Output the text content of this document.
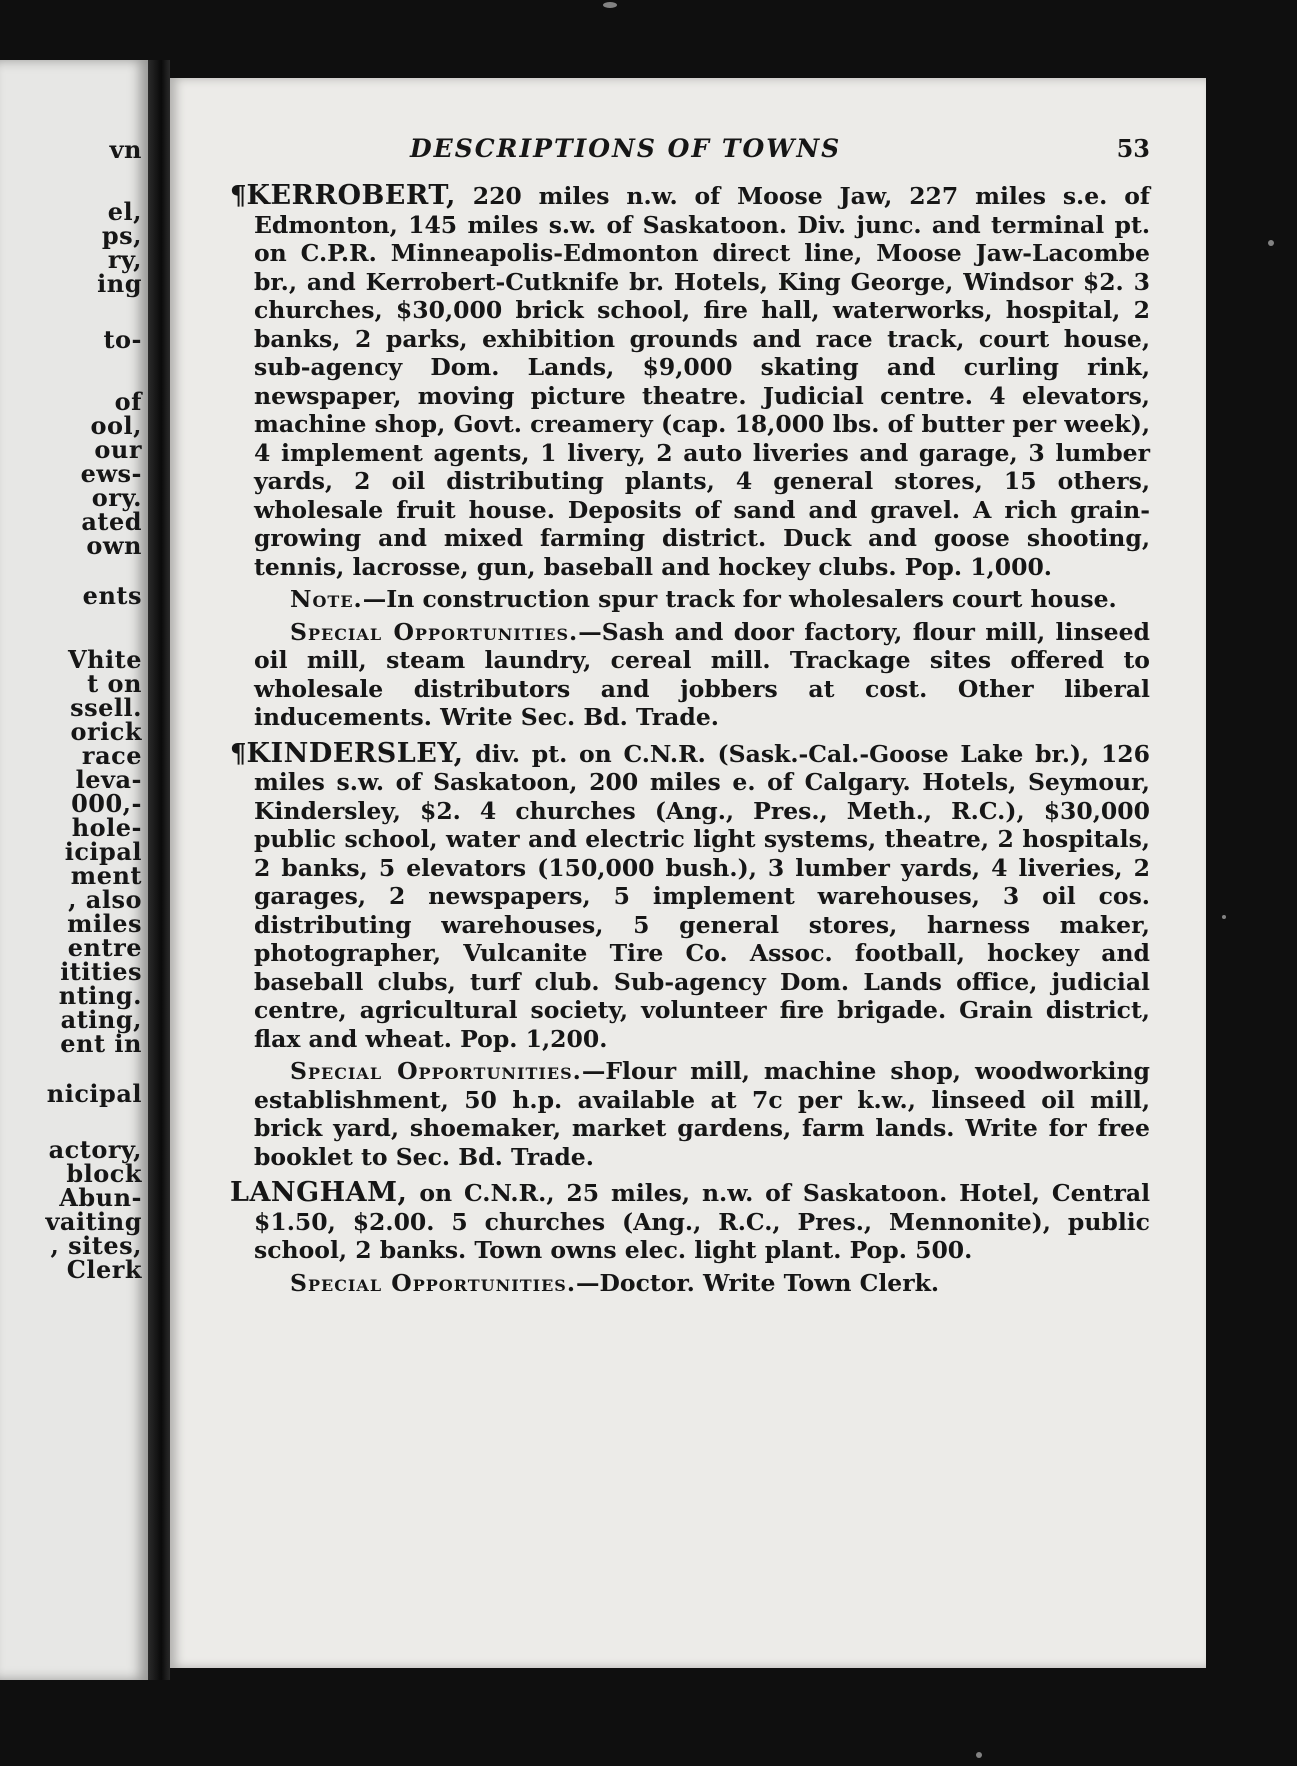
vn
el,
ps,
ry,
ing
to-
of
ool,
our
ews-
ory.
ated
own
ents
Vhite
t on
ssell.
orick
race
leva-
000,-
hole-
icipal
ment
, also
miles
entre
itities
nting.
ating,
ent in
nicipal
actory,
block
Abun-
vaiting
, sites,
Clerk
DESCRIPTIONS OF TOWNS	53

¶KERROBERT, 220 miles n.w. of Moose Jaw, 227 miles s.e. of Edmonton, 145 miles s.w. of Saskatoon. Div. junc. and terminal pt. on C.P.R. Minneapolis-Edmonton direct line, Moose Jaw-Lacombe br., and Kerrobert-Cutknife br. Hotels, King George, Windsor $2. 3 churches, $30,000 brick school, fire hall, waterworks, hospital, 2 banks, 2 parks, exhibition grounds and race track, court house, sub-agency Dom. Lands, $9,000 skating and curling rink, newspaper, moving picture theatre. Judicial centre. 4 elevators, machine shop, Govt. creamery (cap. 18,000 lbs. of butter per week), 4 implement agents, 1 livery, 2 auto liveries and garage, 3 lumber yards, 2 oil distributing plants, 4 general stores, 15 others, wholesale fruit house. Deposits of sand and gravel. A rich grain-growing and mixed farming district. Duck and goose shooting, tennis, lacrosse, gun, baseball and hockey clubs. Pop. 1,000.

Note.—In construction spur track for wholesalers court house.

Special Opportunities.—Sash and door factory, flour mill, linseed oil mill, steam laundry, cereal mill. Trackage sites offered to wholesale distributors and jobbers at cost. Other liberal inducements. Write Sec. Bd. Trade.

¶KINDERSLEY, div. pt. on C.N.R. (Sask.-Cal.-Goose Lake br.), 126 miles s.w. of Saskatoon, 200 miles e. of Calgary. Hotels, Seymour, Kindersley, $2. 4 churches (Ang., Pres., Meth., R.C.), $30,000 public school, water and electric light systems, theatre, 2 hospitals, 2 banks, 5 elevators (150,000 bush.), 3 lumber yards, 4 liveries, 2 garages, 2 newspapers, 5 implement warehouses, 3 oil cos. distributing warehouses, 5 general stores, harness maker, photographer, Vulcanite Tire Co. Assoc. football, hockey and baseball clubs, turf club. Sub-agency Dom. Lands office, judicial centre, agricultural society, volunteer fire brigade. Grain district, flax and wheat. Pop. 1,200.

Special Opportunities.—Flour mill, machine shop, woodworking establishment, 50 h.p. available at 7c per k.w., linseed oil mill, brick yard, shoemaker, market gardens, farm lands. Write for free booklet to Sec. Bd. Trade.

LANGHAM, on C.N.R., 25 miles, n.w. of Saskatoon. Hotel, Central $1.50, $2.00. 5 churches (Ang., R.C., Pres., Mennonite), public school, 2 banks. Town owns elec. light plant. Pop. 500.

Special Opportunities.—Doctor. Write Town Clerk.
